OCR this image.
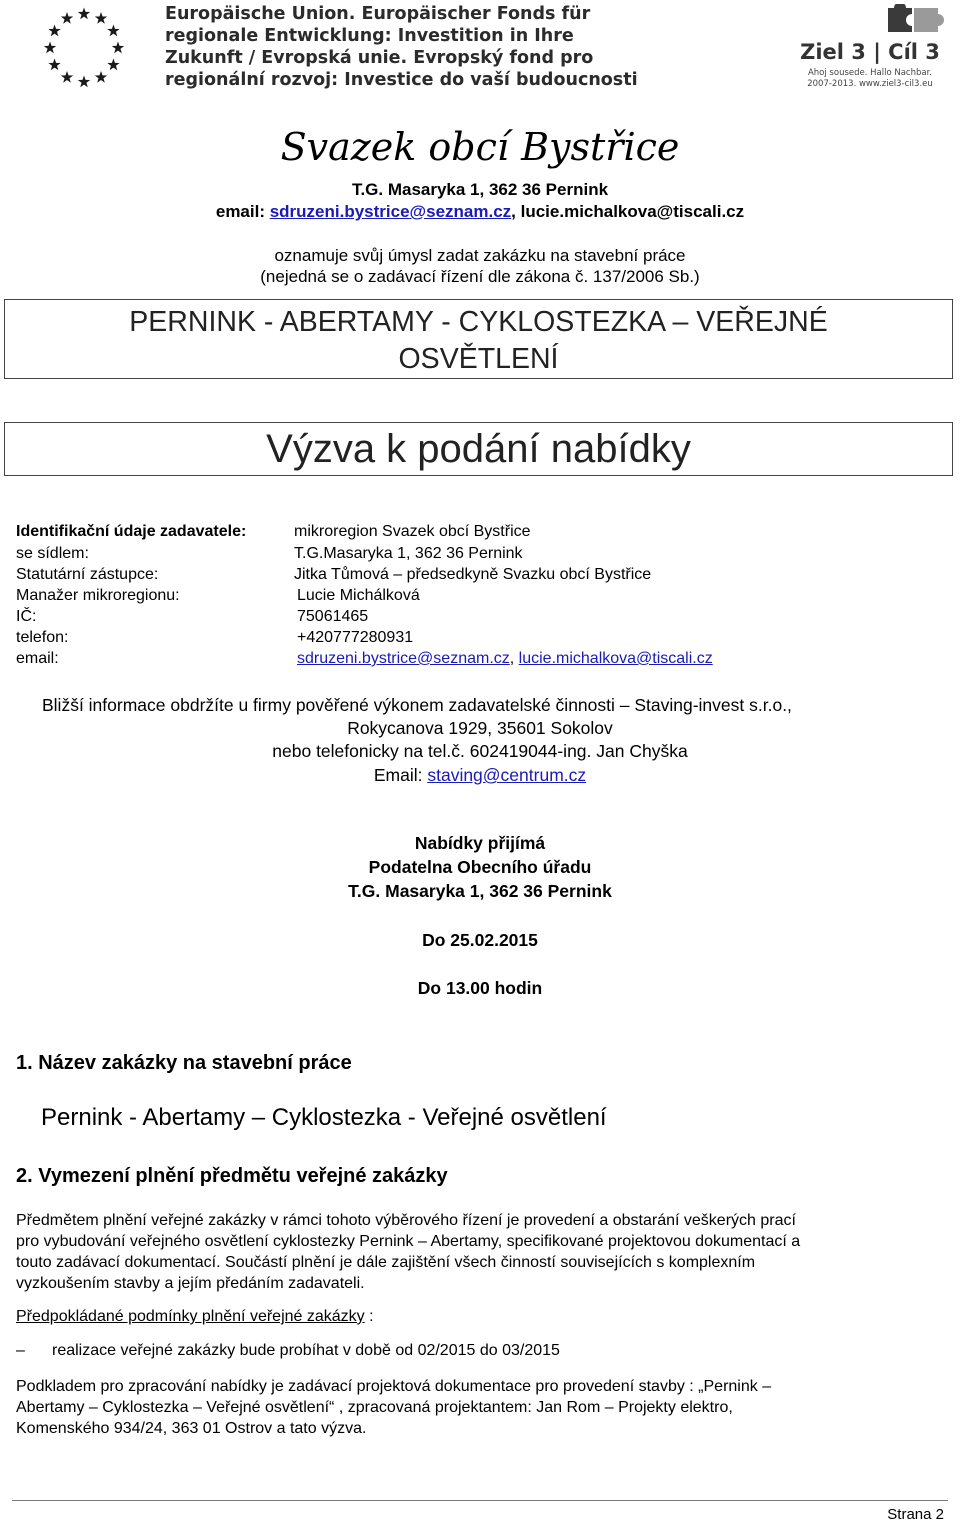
Europäische Union. Europäischer Fonds für
regionale Entwicklung: Investition in Ihre
Zukunft / Evropská unie. Evropský fond pro
regionální rozvoj: Investice do vaší budoucnosti
Ziel 3 | Cíl 3
Ahoj sousede. Hallo Nachbar.
2007-2013. www.ziel3-cil3.eu
Svazek obcí Bystřice
T.G. Masaryka 1, 362 36 Pernink
email: sdruzeni.bystrice@seznam.cz, lucie.michalkova@tiscali.cz
oznamuje svůj úmysl zadat zakázku na stavební práce
(nejedná se o zadávací řízení dle zákona č. 137/2006 Sb.)
PERNINK - ABERTAMY - CYKLOSTEZKA – VEŘEJNÉ
OSVĚTLENÍ
Výzva k podání nabídky
Identifikační údaje zadavatele:	mikroregion Svazek obcí Bystřice
se sídlem:	T.G.Masaryka 1, 362 36 Pernink
Statutární zástupce:	Jitka Tůmová – předsedkyně Svazku obcí Bystřice
Manažer mikroregionu:	Lucie Michálková
IČ:	75061465
telefon:	+420777280931
email:	sdruzeni.bystrice@seznam.cz, lucie.michalkova@tiscali.cz
Bližší informace obdržíte u firmy pověřené výkonem zadavatelské činnosti – Staving-invest s.r.o.,
Rokycanova 1929, 35601 Sokolov
nebo telefonicky na tel.č. 602419044-ing. Jan Chyška
Email: staving@centrum.cz
Nabídky přijímá
Podatelna Obecního úřadu
T.G. Masaryka 1, 362 36 Pernink
Do 25.02.2015
Do 13.00 hodin
1. Název zakázky na stavební práce
Pernink - Abertamy – Cyklostezka - Veřejné osvětlení
2. Vymezení plnění předmětu veřejné zakázky

Předmětem plnění veřejné zakázky v rámci tohoto výběrového řízení je provedení a obstarání veškerých prací

pro vybudování veřejného osvětlení cyklostezky Pernink – Abertamy, specifikované projektovou dokumentací a

touto zadávací dokumentací. Součástí plnění je dále zajištění všech činností souvisejících s komplexním

vyzkoušením stavby a jejím předáním zadavateli.

Předpokládané podmínky plnění veřejné zakázky :
– realizace veřejné zakázky bude probíhat v době od 02/2015 do 03/2015

Podkladem pro zpracování nabídky je zadávací projektová dokumentace pro provedení stavby : „Pernink –

Abertamy – Cyklostezka – Veřejné osvětlení“ , zpracovaná projektantem: Jan Rom – Projekty elektro,

Komenského 934/24, 363 01 Ostrov a tato výzva.

Strana 2
